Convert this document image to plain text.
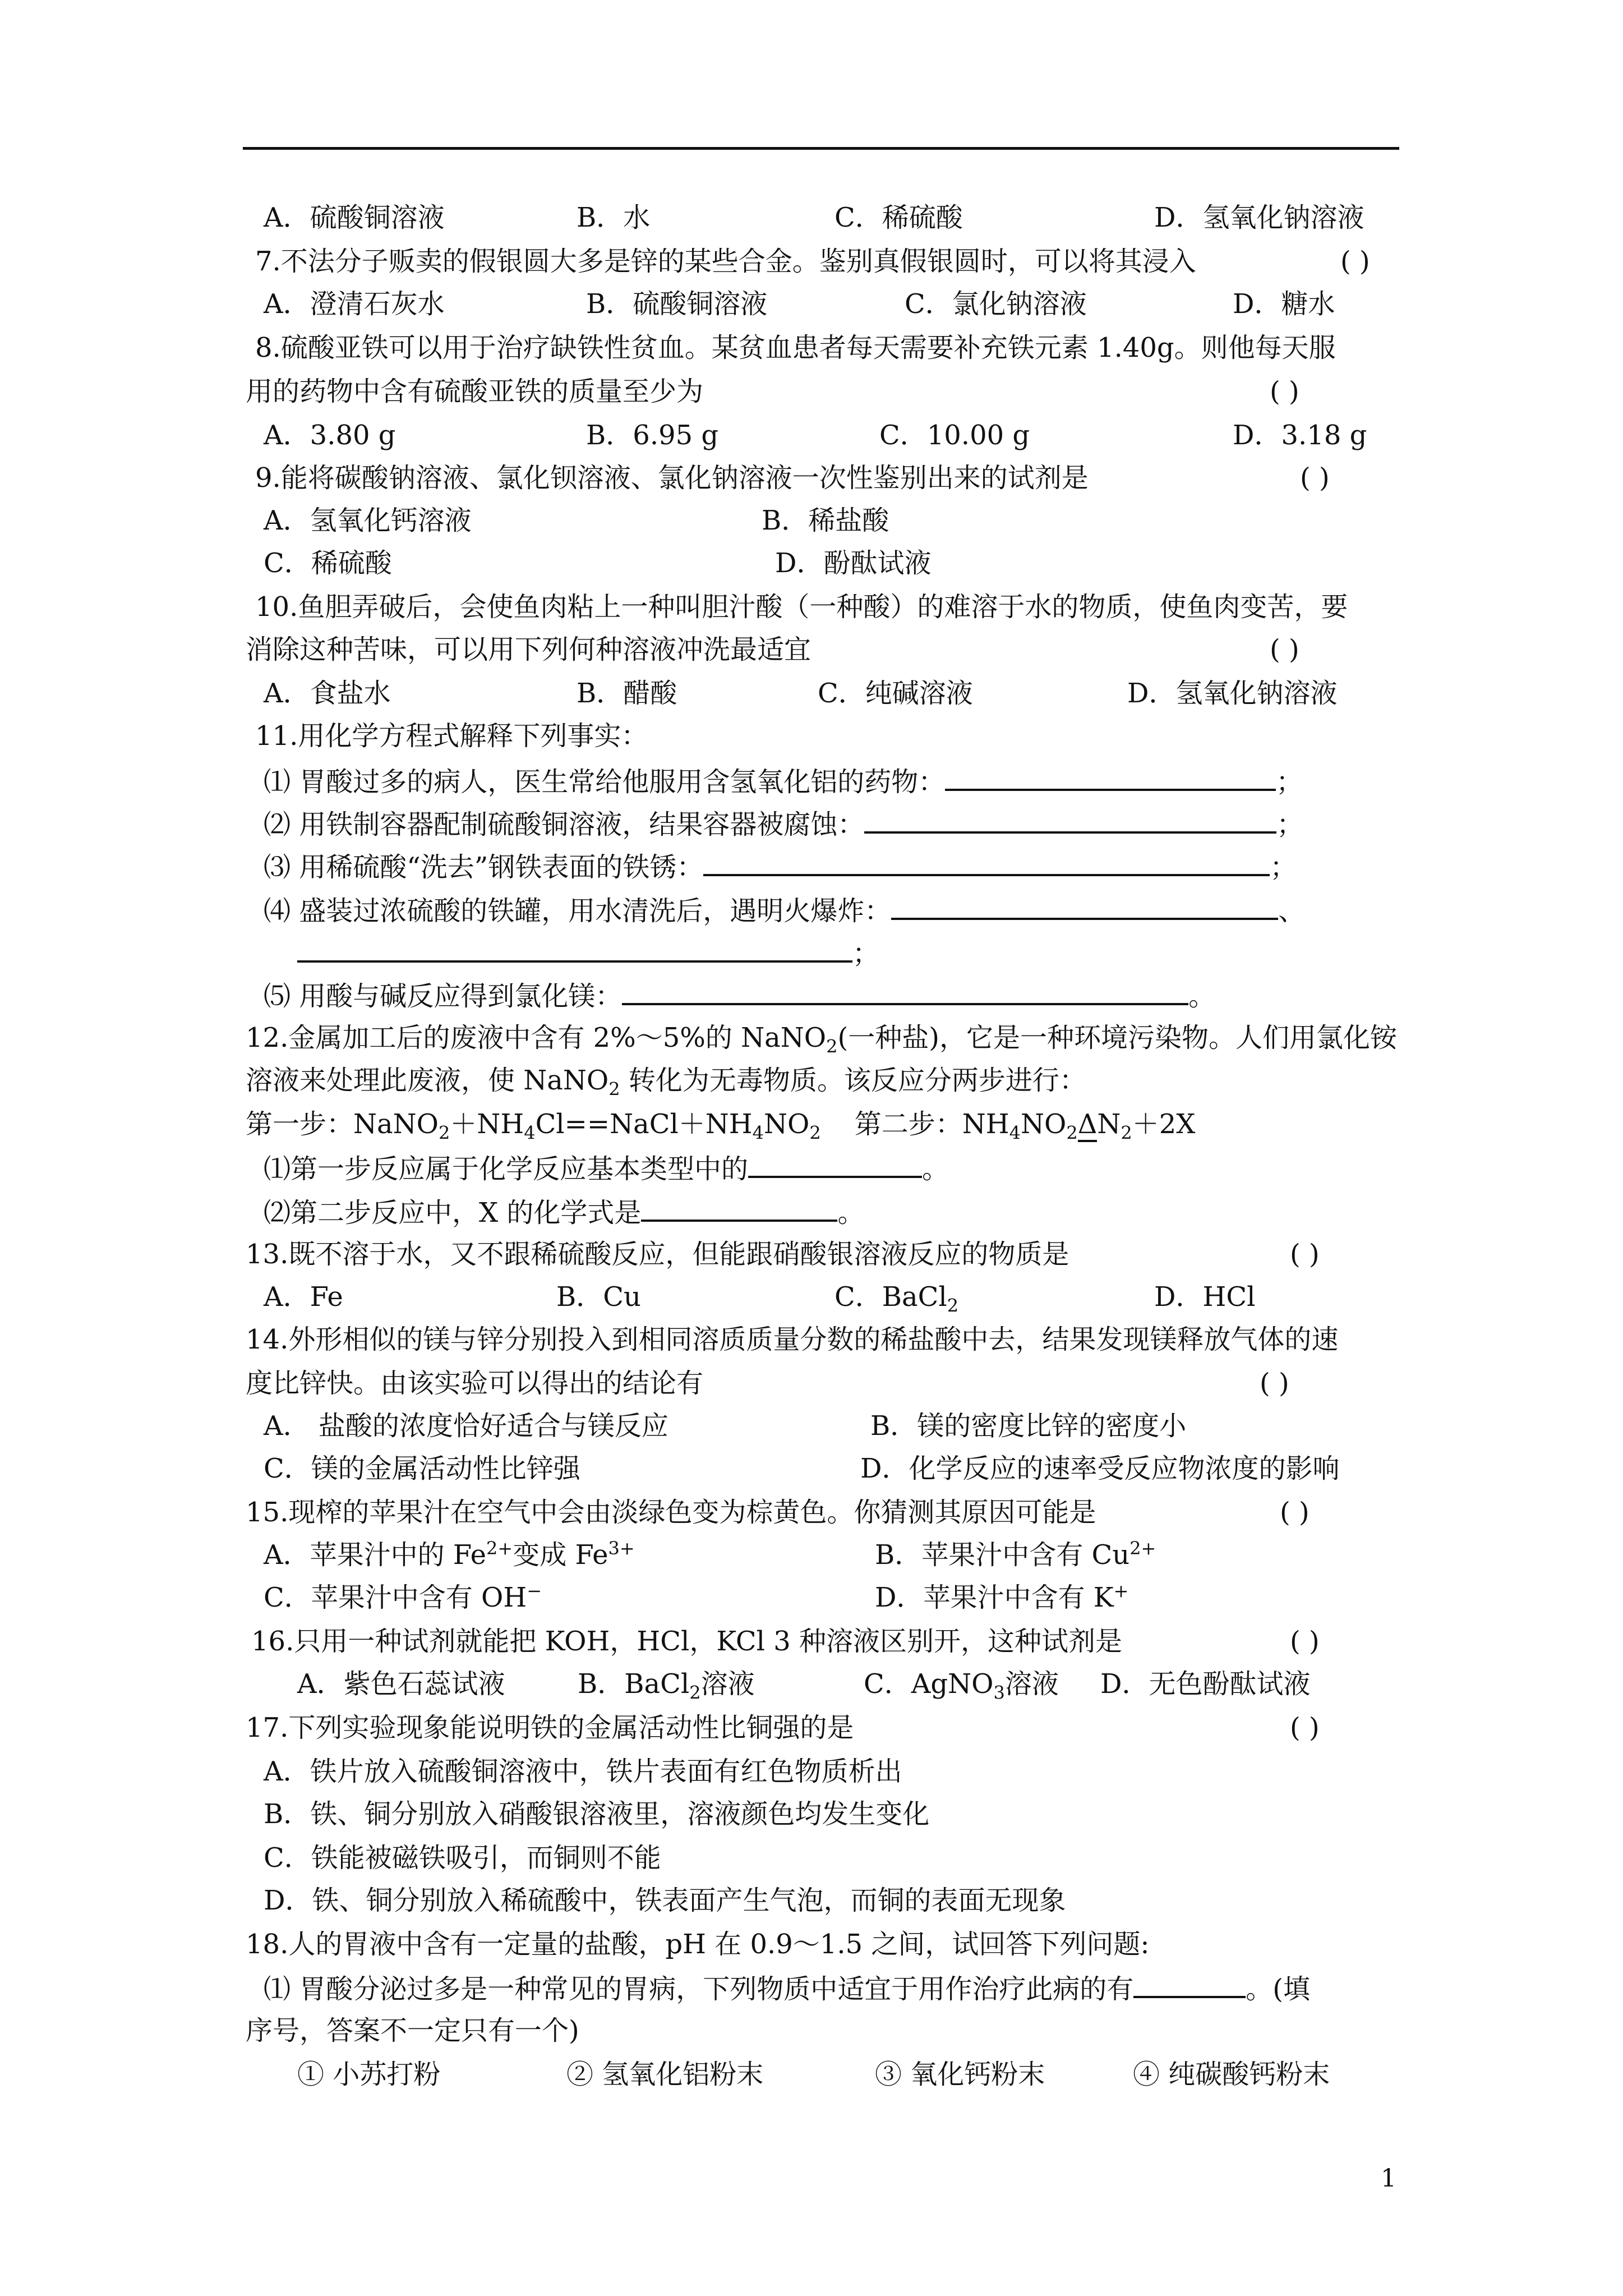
A．硫酸铜溶液	B．水	C．稀硫酸	D．氢氧化钠溶液
7.不法分子贩卖的假银圆大多是锌的某些合金。鉴别真假银圆时，可以将其浸入	( )
A．澄清石灰水	B．硫酸铜溶液	C．氯化钠溶液	D．糖水
8.硫酸亚铁可以用于治疗缺铁性贫血。某贫血患者每天需要补充铁元素 1.40g。则他每天服
用的药物中含有硫酸亚铁的质量至少为	( )
A．3.80 g	B．6.95 g	C．10.00 g	D．3.18 g
9.能将碳酸钠溶液、氯化钡溶液、氯化钠溶液一次性鉴别出来的试剂是	( )
A．氢氧化钙溶液	B．稀盐酸
C．稀硫酸	D．酚酞试液
10.鱼胆弄破后，会使鱼肉粘上一种叫胆汁酸（一种酸）的难溶于水的物质，使鱼肉变苦，要
消除这种苦味，可以用下列何种溶液冲洗最适宜	( )
A．食盐水	B．醋酸	C．纯碱溶液	D．氢氧化钠溶液
11.用化学方程式解释下列事实：
⑴ 胃酸过多的病人，医生常给他服用含氢氧化铝的药物：	；
⑵ 用铁制容器配制硫酸铜溶液，结果容器被腐蚀：	；
⑶ 用稀硫酸“洗去”钢铁表面的铁锈：	；
⑷ 盛装过浓硫酸的铁罐，用水清洗后，遇明火爆炸：	、
；
⑸ 用酸与碱反应得到氯化镁：	。
12.金属加工后的废液中含有 2%～5%的 NaNO$_2$(一种盐)，它是一种环境污染物。人们用氯化铵
溶液来处理此废液，使 NaNO$_2$ 转化为无毒物质。该反应分两步进行：
第一步：$NaNO_2+NH_4Cl==NaCl+NH_4NO_2$ 第二步：$NH_4NO_2\Delta N_2+2X$
⑴第一步反应属于化学反应基本类型中的	。
⑵第二步反应中，X 的化学式是	。
13.既不溶于水，又不跟稀硫酸反应，但能跟硝酸银溶液反应的物质是	( )
A．Fe	B．Cu	C．BaCl$_2$	D．HCl
14.外形相似的镁与锌分别投入到相同溶质质量分数的稀盐酸中去，结果发现镁释放气体的速
度比锌快。由该实验可以得出的结论有	( )
A． 盐酸的浓度恰好适合与镁反应	B．镁的密度比锌的密度小
C．镁的金属活动性比锌强	D．化学反应的速率受反应物浓度的影响
15.现榨的苹果汁在空气中会由淡绿色变为棕黄色。你猜测其原因可能是	( )
A．苹果汁中的 $Fe^{2+}$变成 $Fe^{3+}$	B．苹果汁中含有 $Cu^{2+}$
C．苹果汁中含有 OH−	D．苹果汁中含有 K+
16.只用一种试剂就能把 KOH，HCl，KCl 3 种溶液区别开，这种试剂是	( )
A．紫色石蕊试液	B．BaCl$_2$溶液	C．AgNO$_3$溶液 D．无色酚酞试液
17.下列实验现象能说明铁的金属活动性比铜强的是	( )
A．铁片放入硫酸铜溶液中，铁片表面有红色物质析出
B．铁、铜分别放入硝酸银溶液里，溶液颜色均发生变化
C．铁能被磁铁吸引，而铜则不能
D．铁、铜分别放入稀硫酸中，铁表面产生气泡，而铜的表面无现象
18.人的胃液中含有一定量的盐酸，pH 在 0.9～1.5 之间，试回答下列问题:
⑴ 胃酸分泌过多是一种常见的胃病，下列物质中适宜于用作治疗此病的有	。(填
序号，答案不一定只有一个)
① 小苏打粉	② 氢氧化铝粉末	③ 氧化钙粉末	④ 纯碳酸钙粉末
1
